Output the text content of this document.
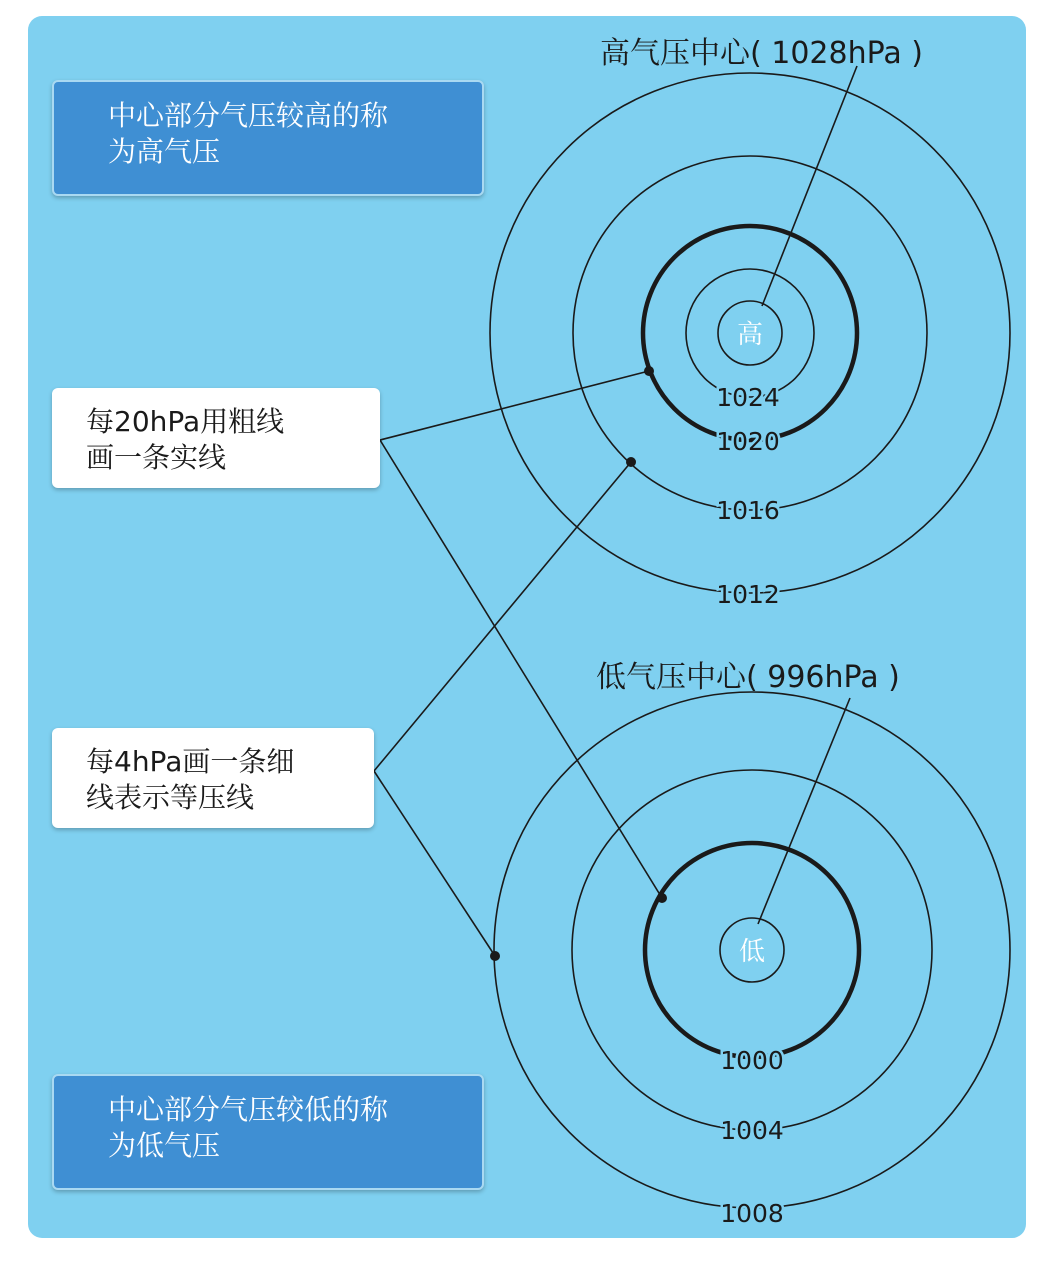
高
1024
1020
1016
1012
低
1000
1004
1008
高气压中心( 1028hPa )
低气压中心( 996hPa )
中心部分气压较高的称
为高气压
每20hPa用粗线
画一条实线
每4hPa画一条细
线表示等压线
中心部分气压较低的称
为低气压
